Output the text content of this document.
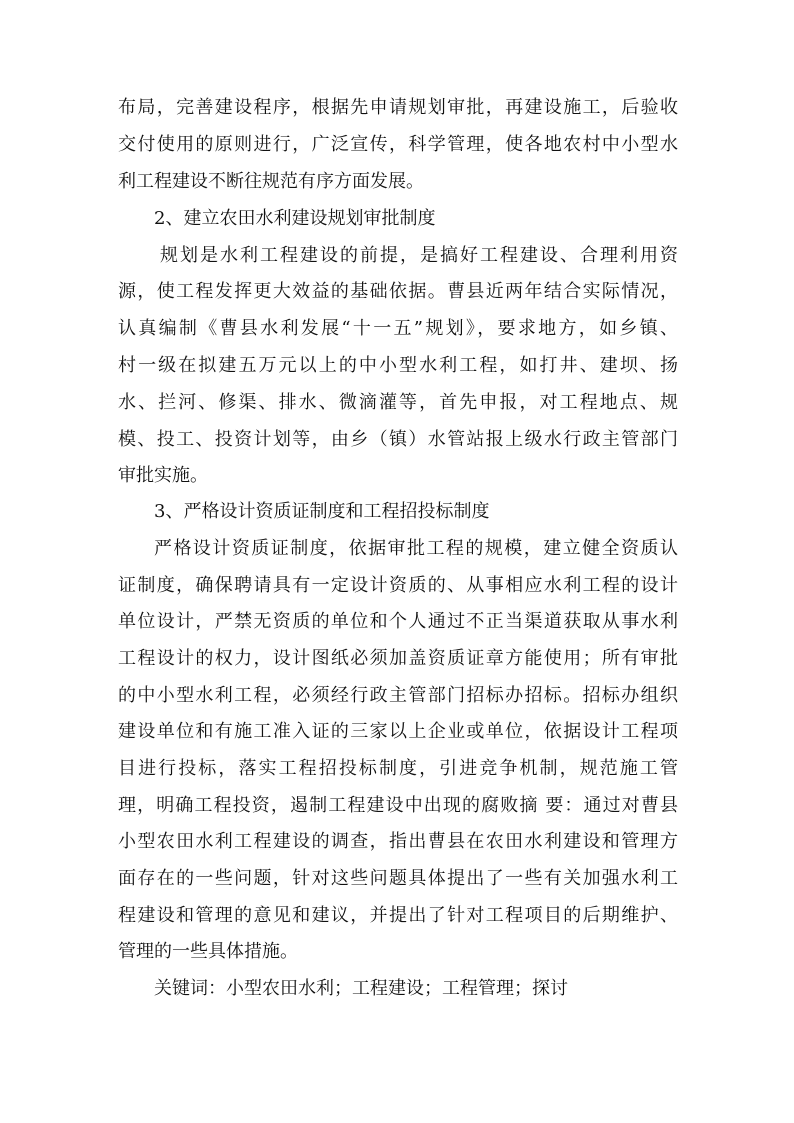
布局，完善建设程序，根据先申请规划审批，再建设施工，后验收
交付使用的原则进行，广泛宣传，科学管理，使各地农村中小型水
利工程建设不断往规范有序方面发展。
2、建立农田水利建设规划审批制度
规划是水利工程建设的前提，是搞好工程建设、合理利用资
源，使工程发挥更大效益的基础依据。曹县近两年结合实际情况，
认真编制《曹县水利发展“十一五”规划》，要求地方，如乡镇、
村一级在拟建五万元以上的中小型水利工程，如打井、建坝、扬
水、拦河、修渠、排水、微滴灌等，首先申报，对工程地点、规
模、投工、投资计划等，由乡（镇）水管站报上级水行政主管部门
审批实施。
3、严格设计资质证制度和工程招投标制度
严格设计资质证制度，依据审批工程的规模，建立健全资质认
证制度，确保聘请具有一定设计资质的、从事相应水利工程的设计
单位设计，严禁无资质的单位和个人通过不正当渠道获取从事水利
工程设计的权力，设计图纸必须加盖资质证章方能使用；所有审批
的中小型水利工程，必须经行政主管部门招标办招标。招标办组织
建设单位和有施工准入证的三家以上企业或单位，依据设计工程项
目进行投标，落实工程招投标制度，引进竞争机制，规范施工管
理，明确工程投资，遏制工程建设中出现的腐败摘 要：通过对曹县
小型农田水利工程建设的调查，指出曹县在农田水利建设和管理方
面存在的一些问题，针对这些问题具体提出了一些有关加强水利工
程建设和管理的意见和建议，并提出了针对工程项目的后期维护、
管理的一些具体措施。
关键词：小型农田水利；工程建设；工程管理；探讨
